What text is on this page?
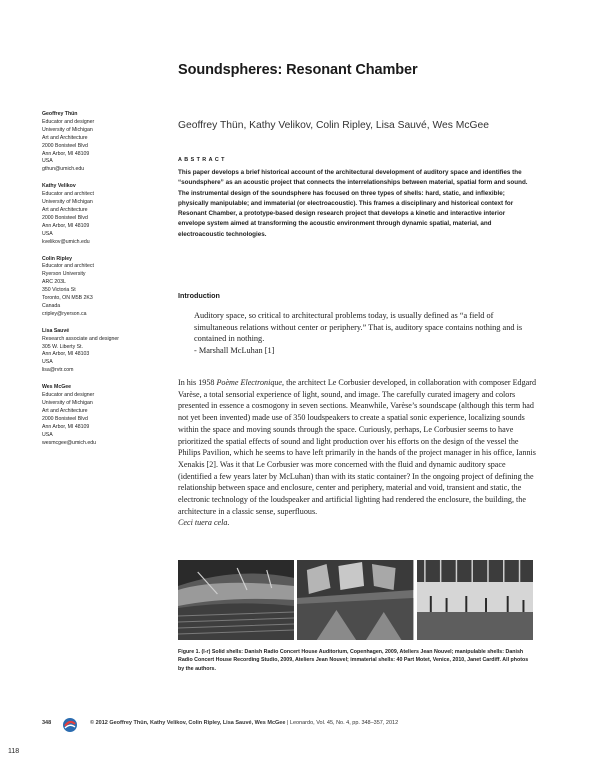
Soundspheres: Resonant Chamber
Geoffrey Thün
Educator and designer
University of Michigan
Art and Architecture
2000 Bonisteel Blvd
Ann Arbor, MI 48109
USA
gthun@umich.edu
Kathy Velikov
Educator and architect
University of Michigan
Art and Architecture
2000 Bonisteel Blvd
Ann Arbor, MI 48109
USA
kvelikov@umich.edu
Colin Ripley
Educator and architect
Ryerson University
ARC 203L
350 Victoria St
Toronto, ON M5B 2K3
Canada
cripley@ryerson.ca
Lisa Sauvé
Research associate and designer
305 W. Liberty St.
Ann Arbor, MI 48103
USA
lisa@rvtr.com
Wes McGee
Educator and designer
University of Michigan
Art and Architecture
2000 Bonisteel Blvd
Ann Arbor, MI 48109
USA
wesmcgee@umich.edu
Geoffrey Thün, Kathy Velikov, Colin Ripley, Lisa Sauvé, Wes McGee
ABSTRACT
This paper develops a brief historical account of the architectural development of auditory space and identifies the “soundsphere” as an acoustic project that connects the interrelationships between material, spatial form and sound. The instrumental design of the soundsphere has focused on three types of shells: hard, static, and inflexible; physically manipulable; and immaterial (or electroacoustic). This frames a disciplinary and historical context for Resonant Chamber, a prototype-based design research project that develops a kinetic and interactive interior envelope system aimed at transforming the acoustic environment through dynamic spatial, material, and electroacoustic technologies.
Introduction
Auditory space, so critical to architectural problems today, is usually defined as “a field of simultaneous relations without center or periphery.” That is, auditory space contains nothing and is contained in nothing.
- Marshall McLuhan [1]

In his 1958 Poème Electronique, the architect Le Corbusier developed, in collaboration with composer Edgard Varèse, a total sensorial experience of light, sound, and image. The carefully curated imagery and colors presented in essence a cosmogony in seven sections. Meanwhile, Varèse’s soundscape (although this term had not yet been invented) made use of 350 loudspeakers to create a spatial sonic experience, localizing sounds within the space and moving sounds through the space. Curiously, perhaps, Le Corbusier seems to have prioritized the spatial effects of sound and light production over his efforts on the design of the vessel the Philips Pavilion, which he seems to have left primarily in the hands of the project manager in his office, Iannis Xenakis [2]. Was it that Le Corbusier was more concerned with the fluid and dynamic auditory space (identified a few years later by McLuhan) than with its static container? In the ongoing project of defining the relationship between space and enclosure, center and periphery, material and void, transient and static, the electronic technology of the loudspeaker and artificial lighting had rendered the enclosure, the building, the architecture in a classic sense, superfluous.

Ceci tuera cela.

Figure 1. (l-r) Solid shells: Danish Radio Concert House Auditorium, Copenhagen, 2009, Ateliers Jean Nouvel; manipulable shells: Danish Radio Concert House Recording Studio, 2009, Ateliers Jean Nouvel; immaterial shells: 40 Part Motet, Venice, 2010, Janet Cardiff. All photos by the authors.
348	© 2012 Geoffrey Thün, Kathy Velikov, Colin Ripley, Lisa Sauvé, Wes McGee | Leonardo, Vol. 45, No. 4, pp. 348–357, 2012
118
